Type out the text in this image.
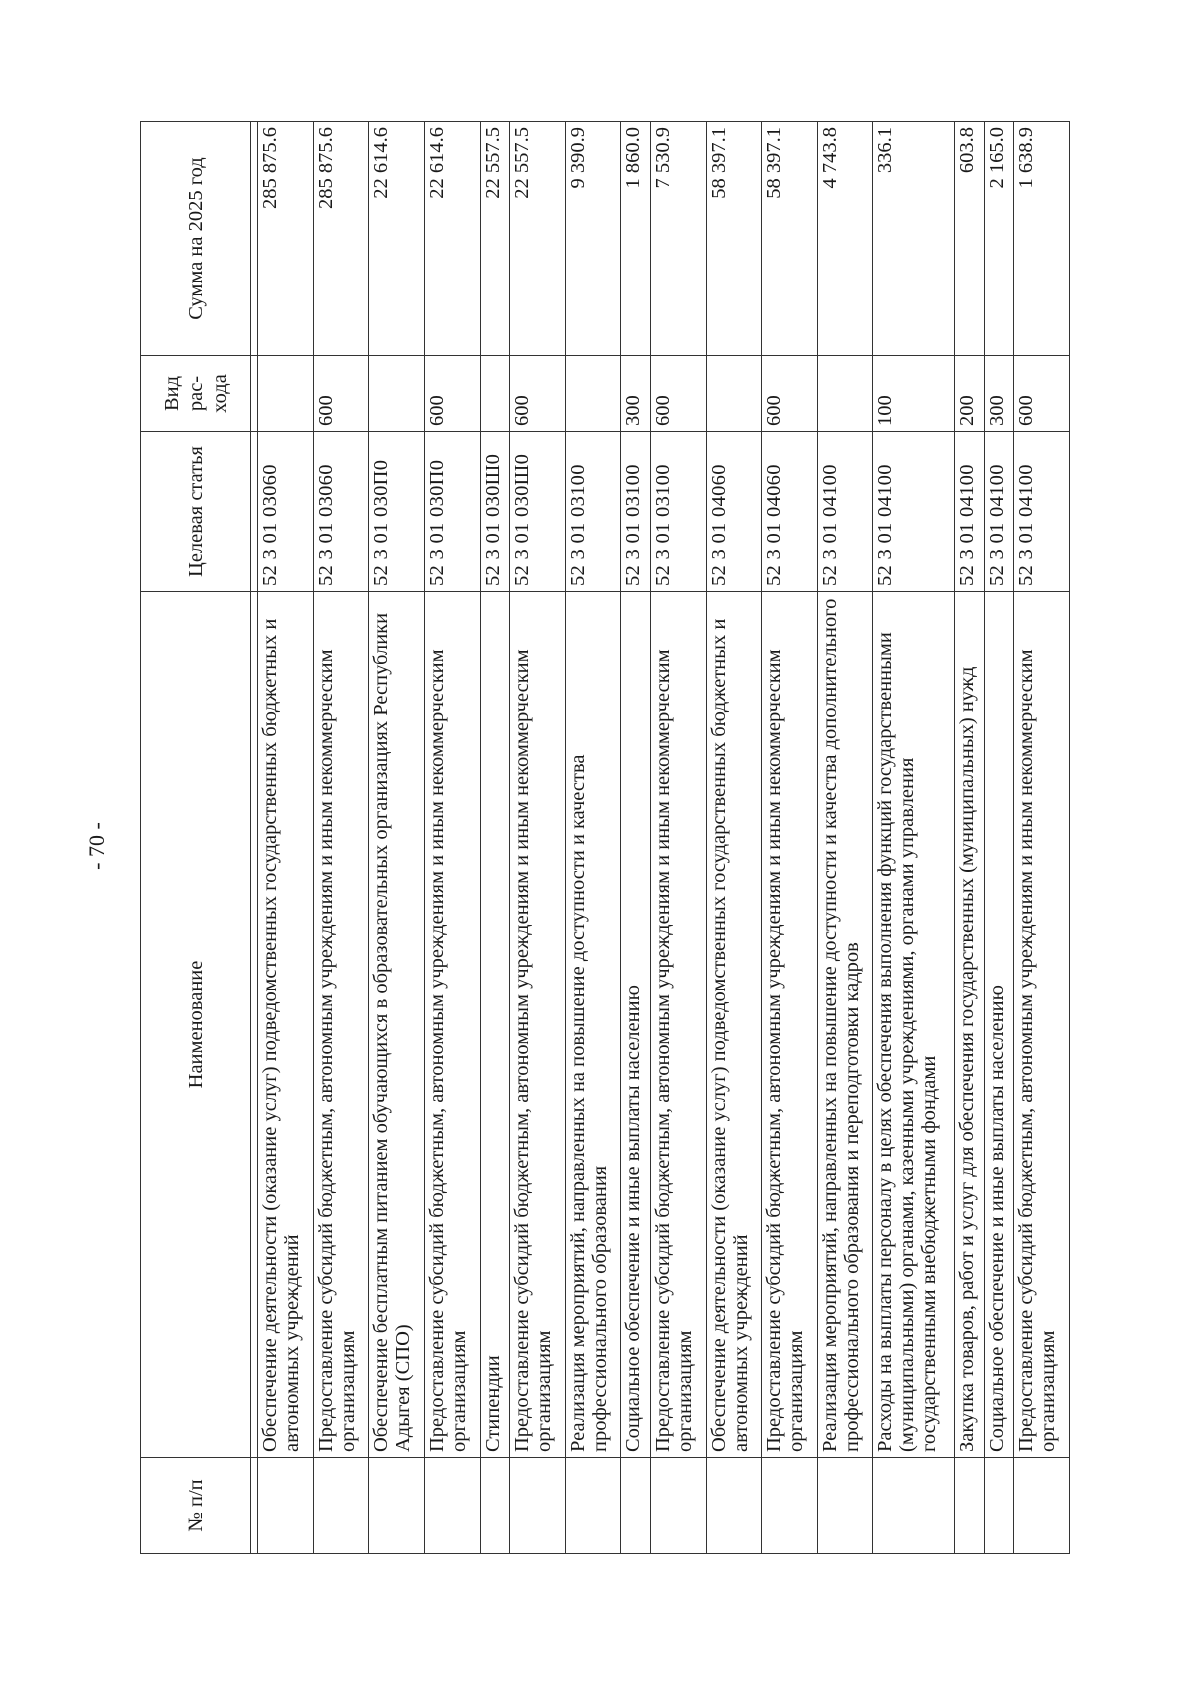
- 70 -
№ п/п	Наименование	Целевая статья	Вид рас- хода	Сумма на 2025 год

	Обеспечение деятельности (оказание услуг) подведомственных государственных бюджетных и автономных учреждений	52 3 01 03060		285 875.6
	Предоставление субсидий бюджетным, автономным учреждениям и иным некоммерческим организациям	52 3 01 03060	600	285 875.6
	Обеспечение бесплатным питанием обучающихся в образовательных организациях Республики Адыгея (СПО)	52 3 01 030П0		22 614.6
	Предоставление субсидий бюджетным, автономным учреждениям и иным некоммерческим организациям	52 3 01 030П0	600	22 614.6
	Стипендии	52 3 01 030Ш0		22 557.5
	Предоставление субсидий бюджетным, автономным учреждениям и иным некоммерческим организациям	52 3 01 030Ш0	600	22 557.5
	Реализация мероприятий, направленных на повышение доступности и качества профессионального образования	52 3 01 03100		9 390.9
	Социальное обеспечение и иные выплаты населению	52 3 01 03100	300	1 860.0
	Предоставление субсидий бюджетным, автономным учреждениям и иным некоммерческим организациям	52 3 01 03100	600	7 530.9
	Обеспечение деятельности (оказание услуг) подведомственных государственных бюджетных и автономных учреждений	52 3 01 04060		58 397.1
	Предоставление субсидий бюджетным, автономным учреждениям и иным некоммерческим организациям	52 3 01 04060	600	58 397.1
	Реализация мероприятий, направленных на повышение доступности и качества дополнительного профессионального образования и переподготовки кадров	52 3 01 04100		4 743.8
	Расходы на выплаты персоналу в целях обеспечения выполнения функций государственными (муниципальными) органами, казенными учреждениями, органами управления государственными внебюджетными фондами	52 3 01 04100	100	336.1
	Закупка товаров, работ и услуг для обеспечения государственных (муниципальных) нужд	52 3 01 04100	200	603.8
	Социальное обеспечение и иные выплаты населению	52 3 01 04100	300	2 165.0
	Предоставление субсидий бюджетным, автономным учреждениям и иным некоммерческим организациям	52 3 01 04100	600	1 638.9
